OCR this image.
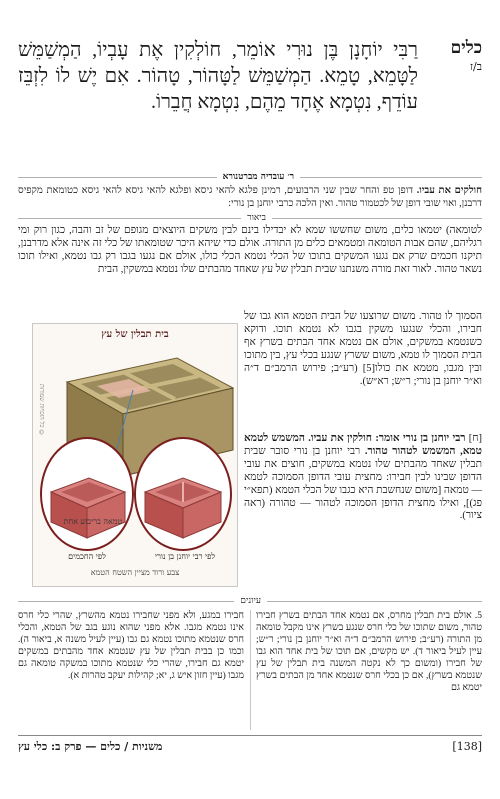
כלים
ב/ז
רַבִּי יוֹחָנָן בֶּן נוּרִי אוֹמֵר, חוֹלְקִין אֶת עָבְיוֹ, הַמְשַׁמֵּשׁ לַטָּמֵא, טָמֵא. הַמְשַׁמֵּשׁ לַטָּהוֹר, טָהוֹר. אִם יֶשׁ לוֹ לִזְבֵּז עוֹדֵף, נִטְמָא אֶחָד מֵהֶם, נִטְמָא חֲבֵרוֹ.
ר׳ עובדיה מברטנורא
חולקים את עביו. דופן טפ והחר שבין שני הרבועים, רמינן פלגא להאי גיסא ופלגא להאי גיסא להאי גיסא כטומאת מקפיס דרבנן, ואוי שובי דופן של לכטמור טהור. ואין הלכה כרבי יוחנן בן נורי:
ביאור
לטומאה) יטמאו כלים, משום שחששו שמא לא יבדילו בינם לבין משקים היוצאים מגופם של זב והבה, כגון רוק ומי רגליהם, שהם אבות הטומאה ומטמאים כלים מן התורה. אולם כדי שיהא היכר שטומאתו של כלי זה אינה אלא מדרבנן, תיקנו חכמים שרק אם נגעו המשקים בתוכו של הכלי נטמא הכלי כולו, אולם אם נגעו בגבו רק גבו נטמא, ואילו תוכו נשאר טהור. לאור זאת מורה משנתנו שבית תבלין של עץ שאחד מהבתים שלו נטמא במשקין, הבית
הסמוך לו טהור. משום שרוצעו של הבית הטמא הוא גבו של חבירו, והכלי שנגעו משקין בגבו לא נטמא תוכו. ודוקא כשנטמא במשקים, אולם אם נטמא אחד הבתים בשרץ אף הבית הסמוך לו טמא, משום ששרץ שנגע בכלי עץ, בין מתוכו ובין מגבו, מטמא את כולו[5] (רע״ב; פירוש הרמב״ם ד״ה וא״ר יוחנן בן נורי; ר״ש; רא״ש).
[ח] רבי יוחנן בן נורי אומר: חולקין את עביו. המשמש לטמא טמא, המשמש לטהור טהור. רבי יוחנן בן נורי סובר שבית תבלין שאחד מהבתים שלו נטמא במשקים, חוצים את עובי הדופן שבינו לבין חבירו: מחצית עובי הדופן הסמוכה לטמא — טמאה [משום שנחשבת היא כגבו של הכלי הטמא (תפא״י פג)], ואילו מחצית הדופן הסמוכה לטהור — טהורה (ראה ציור).
בית תבלין של עץ
© כל הזכויות שמורות
טמאה בריבוע אחת
לפי החכמים	לפי רבי יוחנן בן נורי
צבע ורוד מציין השטח הטמא
עיונים
5. אולם בית תבלין מחרס, אם נטמא אחד הבתים בשרץ חבירו טהור, משום שתוכו של כלי חרס שנגע בשרץ אינו מקבל טומאה מן התורה (רע״ב; פירוש הרמב״ם ד״ה וא״ר יוחנן בן נורי; ר״ש; עיין לעיל ביאור ד). יש מקשים, אם תוכו של בית אחד הוא גבו של חבירו (ומשום כך לא נקטה המשנה בית תבלין של עץ שנטמא בשרץ), אם כן בכלי חרס שנטמא אחד מן הבתים בשרץ יטמא גם
חבירו במגע, ולא מפני שחבירו נטמא מהשרץ, שהרי כלי חרס אינו נטמא מגבו. אלא מפני שהוא נוגע בגב של הטמא, והכלי חרס שנטמא מתוכו נטמא גם גבו (עיין לעיל משנה א, ביאור ה). וכמו כן בבית תבלין של עץ שנטמא אחד מהבתים במשקים יטמא גם חבירו, שהרי כלי שנטמא מתוכו במשקה טומאה גם מגבו (עיין חזון איש ג, יא; קהילות יעקב טהרות א).
[138]
משניות / כלים — פרק ב: כלי עץ
